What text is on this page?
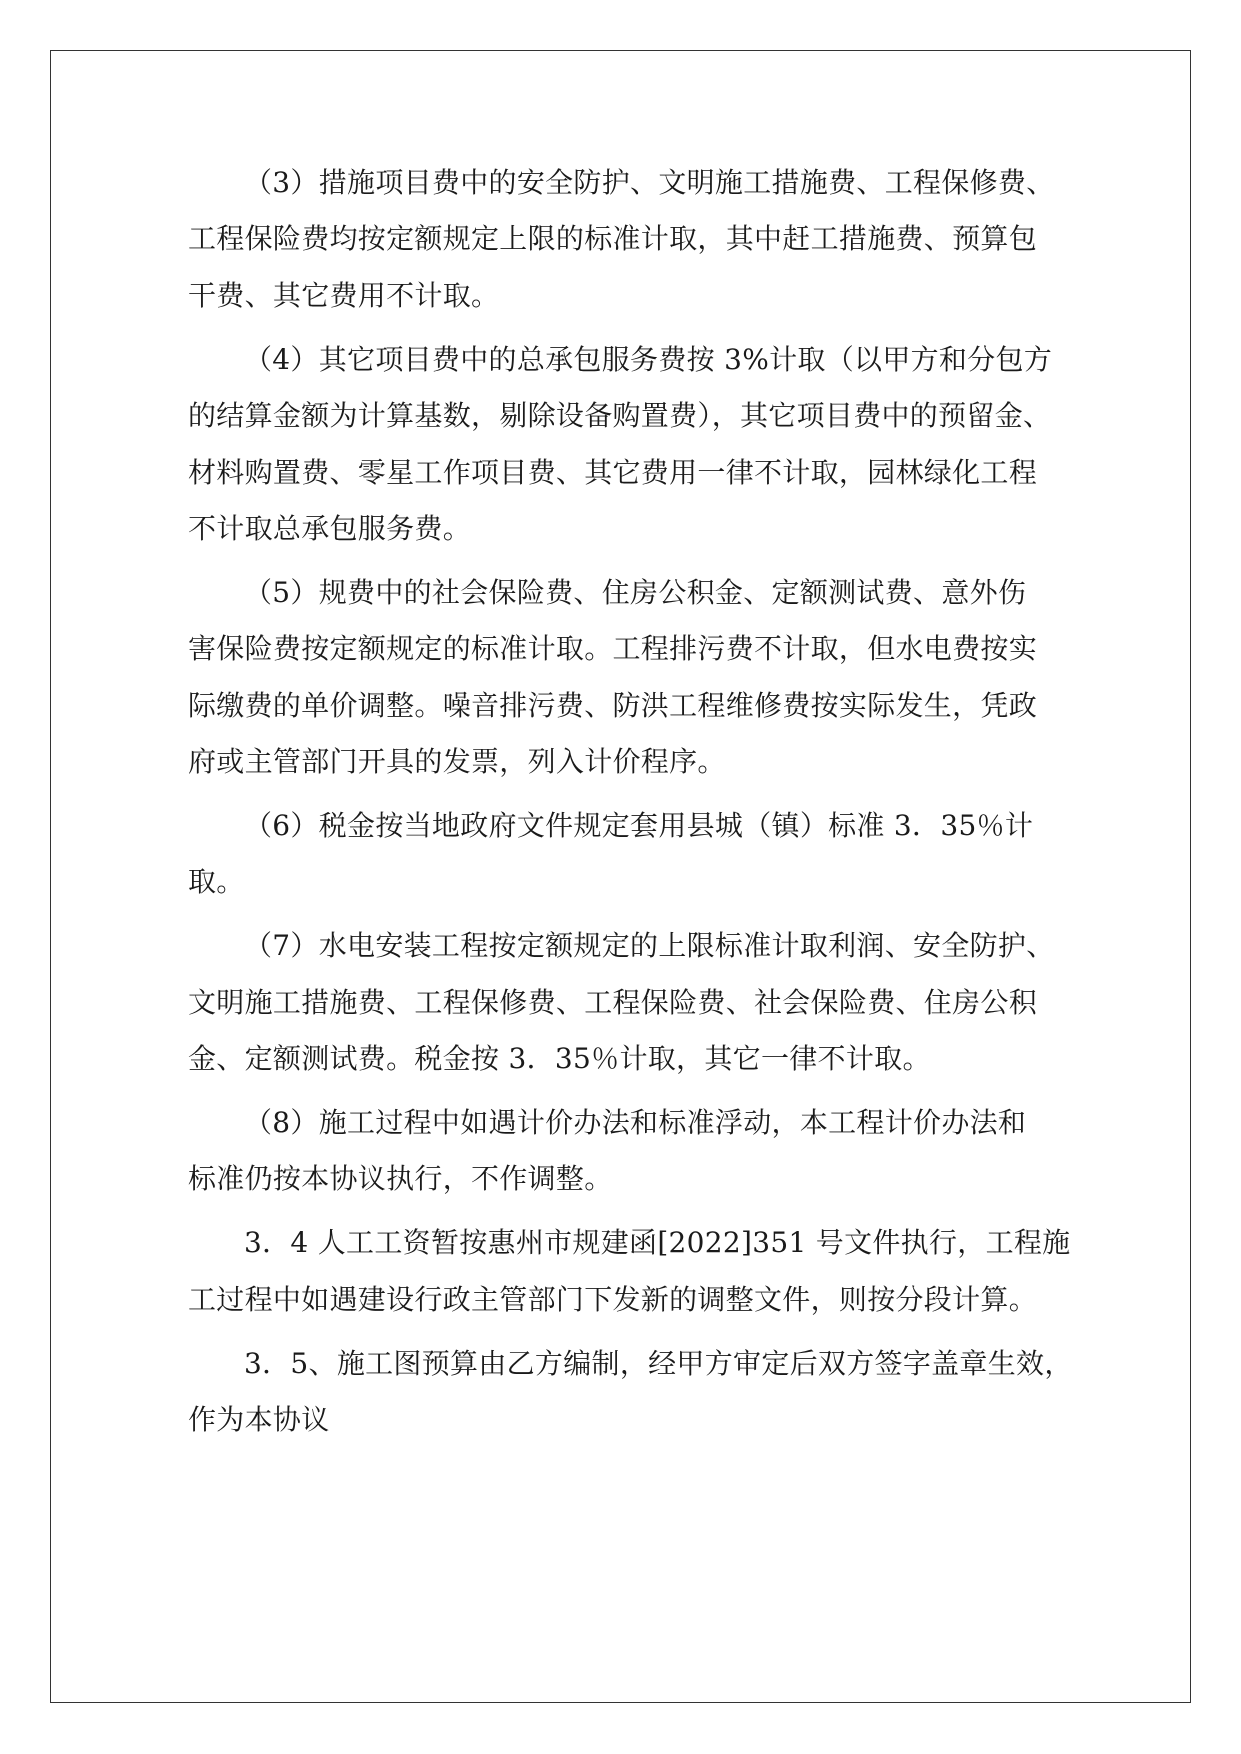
（3）措施项目费中的安全防护、文明施工措施费、工程保修费、
工程保险费均按定额规定上限的标准计取，其中赶工措施费、预算包
干费、其它费用不计取。
（4）其它项目费中的总承包服务费按 3%计取（以甲方和分包方
的结算金额为计算基数，剔除设备购置费），其它项目费中的预留金、
材料购置费、零星工作项目费、其它费用一律不计取，园林绿化工程
不计取总承包服务费。
（5）规费中的社会保险费、住房公积金、定额测试费、意外伤
害保险费按定额规定的标准计取。工程排污费不计取，但水电费按实
际缴费的单价调整。噪音排污费、防洪工程维修费按实际发生，凭政
府或主管部门开具的发票，列入计价程序。
（6）税金按当地政府文件规定套用县城（镇）标准 3．35％计
取。
（7）水电安装工程按定额规定的上限标准计取利润、安全防护、
文明施工措施费、工程保修费、工程保险费、社会保险费、住房公积
金、定额测试费。税金按 3．35％计取，其它一律不计取。
（8）施工过程中如遇计价办法和标准浮动，本工程计价办法和
标准仍按本协议执行，不作调整。
3．4 人工工资暂按惠州市规建函[2022]351 号文件执行，工程施
工过程中如遇建设行政主管部门下发新的调整文件，则按分段计算。
3．5、施工图预算由乙方编制，经甲方审定后双方签字盖章生效，
作为本协议
